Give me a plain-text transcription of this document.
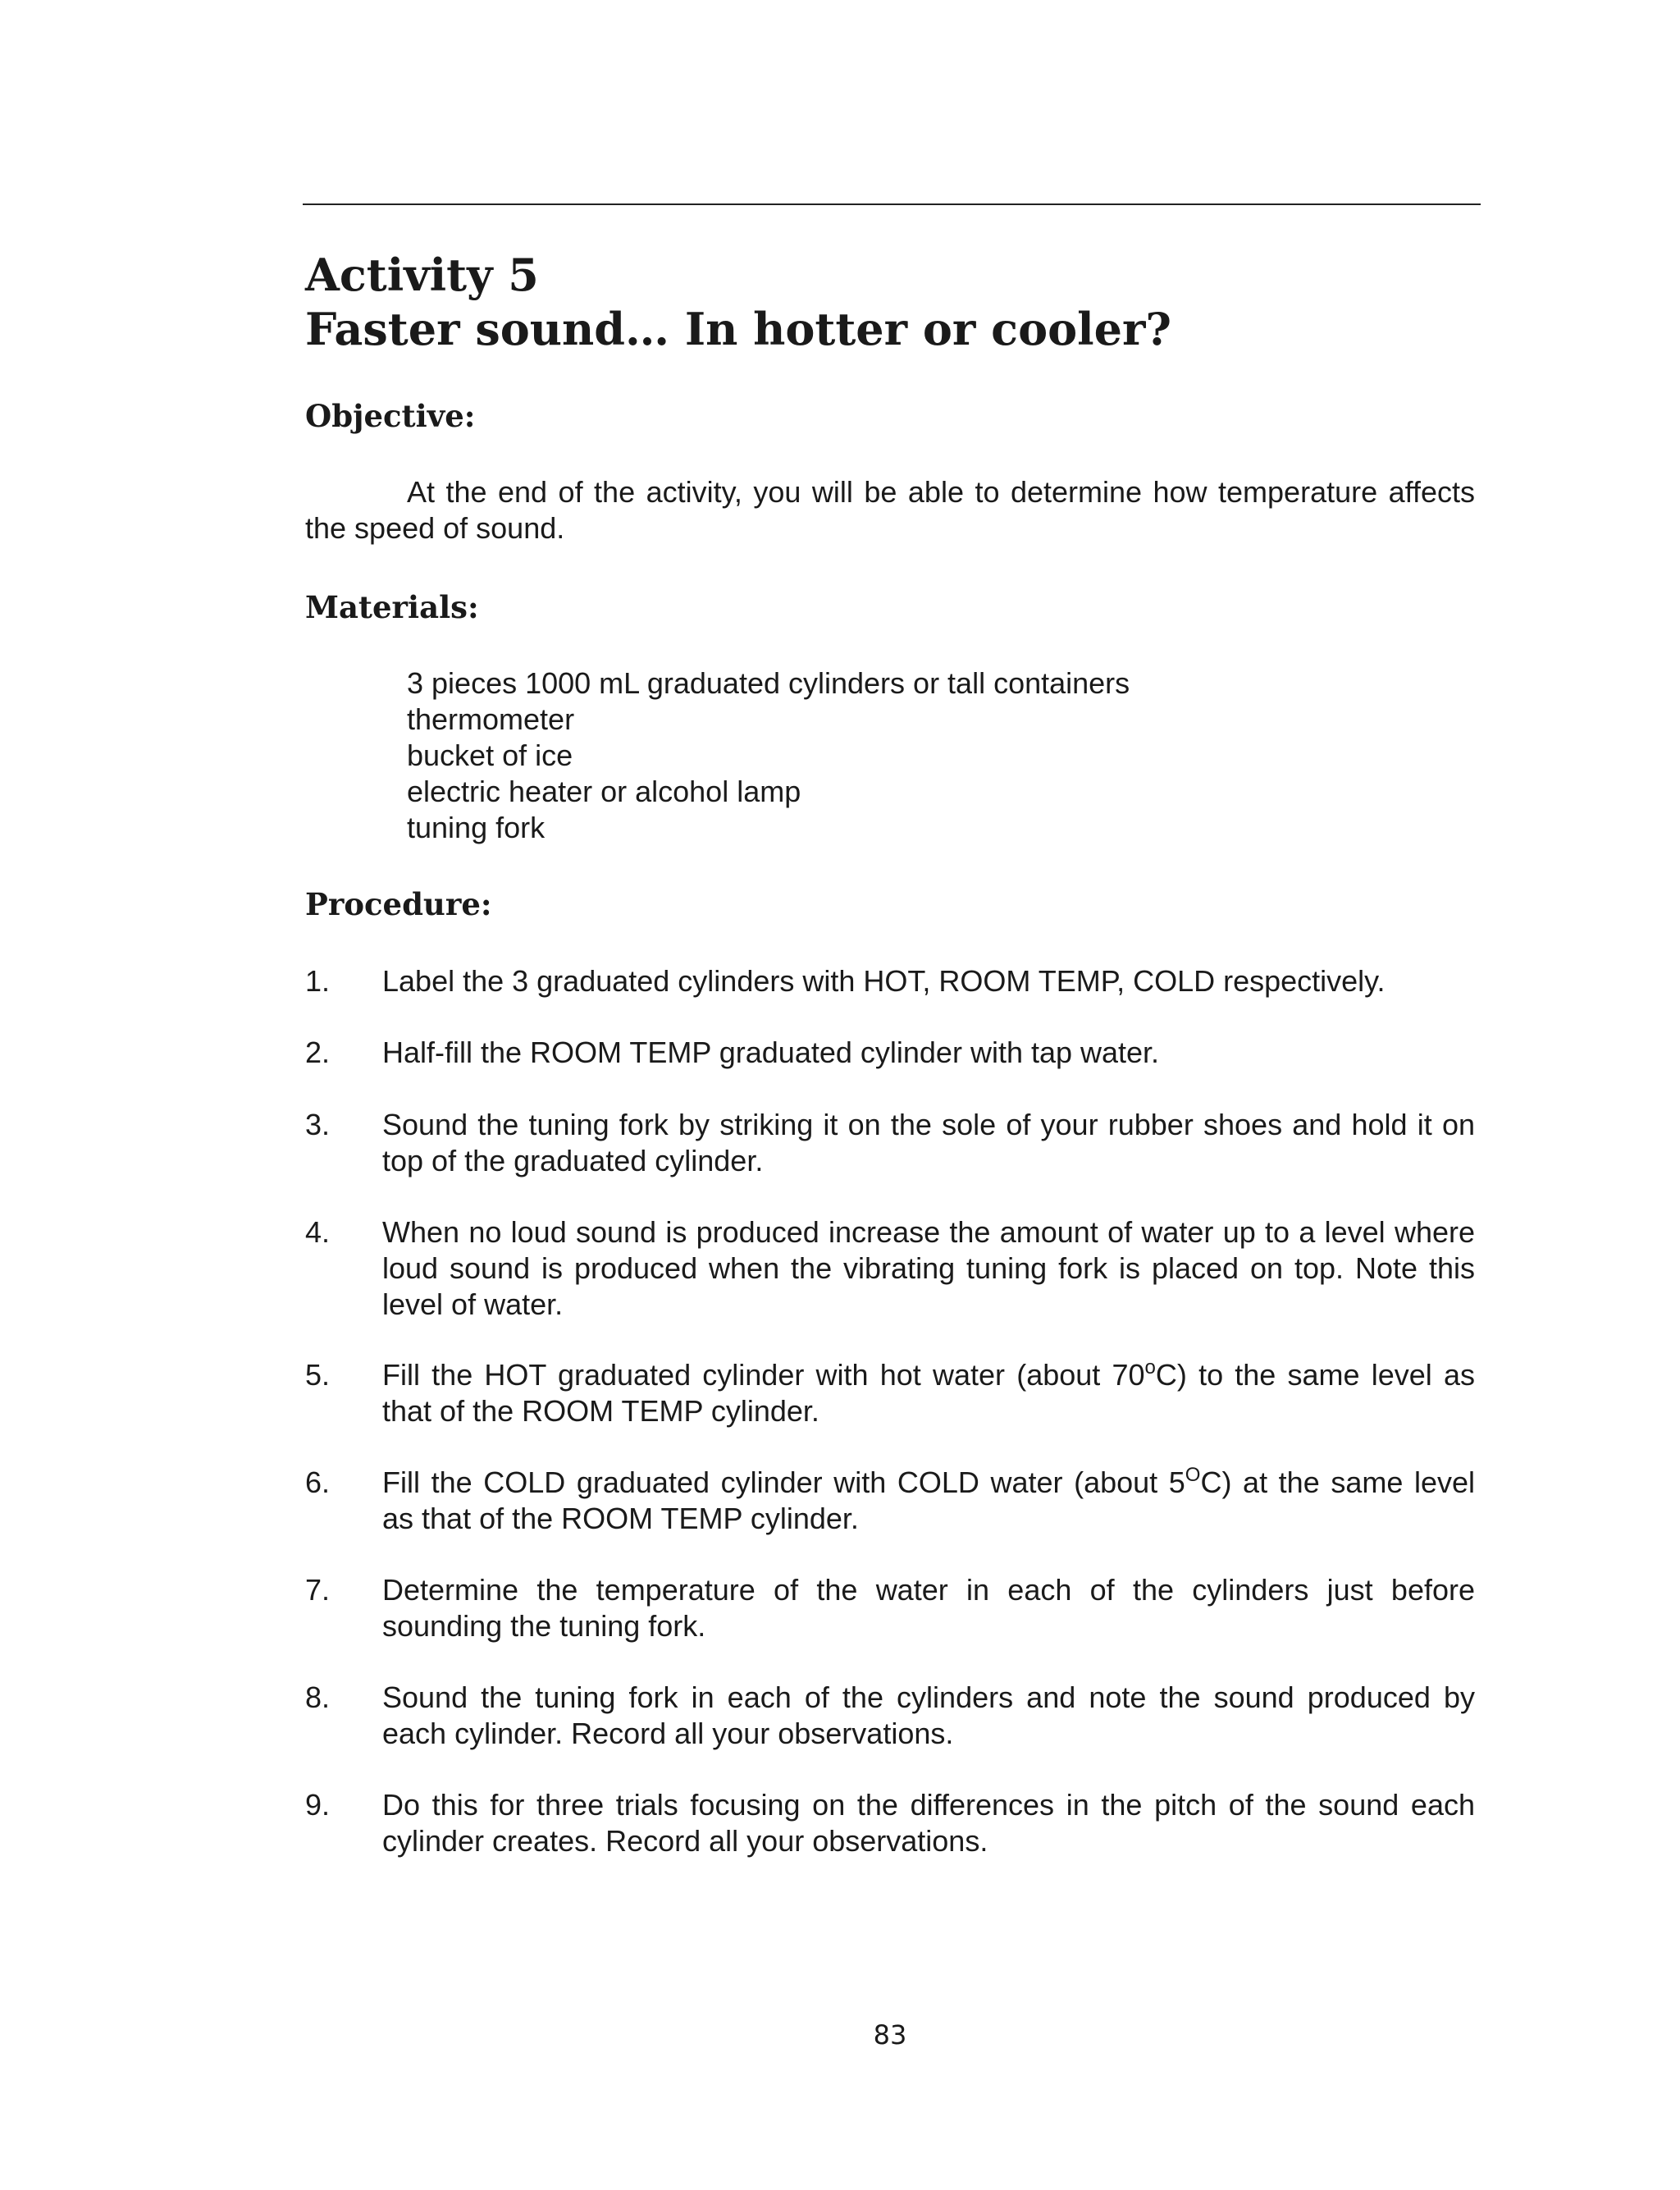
Activity 5
Faster sound… In hotter or cooler?
Objective:

At the end of the activity, you will be able to determine how temperature affects the speed of sound.

Materials:
3 pieces 1000 mL graduated cylinders or tall containers
thermometer
bucket of ice
electric heater or alcohol lamp
tuning fork
Procedure:
1. Label the 3 graduated cylinders with HOT, ROOM TEMP, COLD respectively.
2. Half-fill the ROOM TEMP graduated cylinder with tap water.
3. Sound the tuning fork by striking it on the sole of your rubber shoes and hold it on top of the graduated cylinder.
4. When no loud sound is produced increase the amount of water up to a level where loud sound is produced when the vibrating tuning fork is placed on top. Note this level of water.
5. Fill the HOT graduated cylinder with hot water (about 70$^o$C) to the same level as that of the ROOM TEMP cylinder.
6. Fill the COLD graduated cylinder with COLD water (about $5^OC$) at the same level as that of the ROOM TEMP cylinder.
7. Determine the temperature of the water in each of the cylinders just before sounding the tuning fork.
8. Sound the tuning fork in each of the cylinders and note the sound produced by each cylinder. Record all your observations.
9. Do this for three trials focusing on the differences in the pitch of the sound each cylinder creates. Record all your observations.
83
